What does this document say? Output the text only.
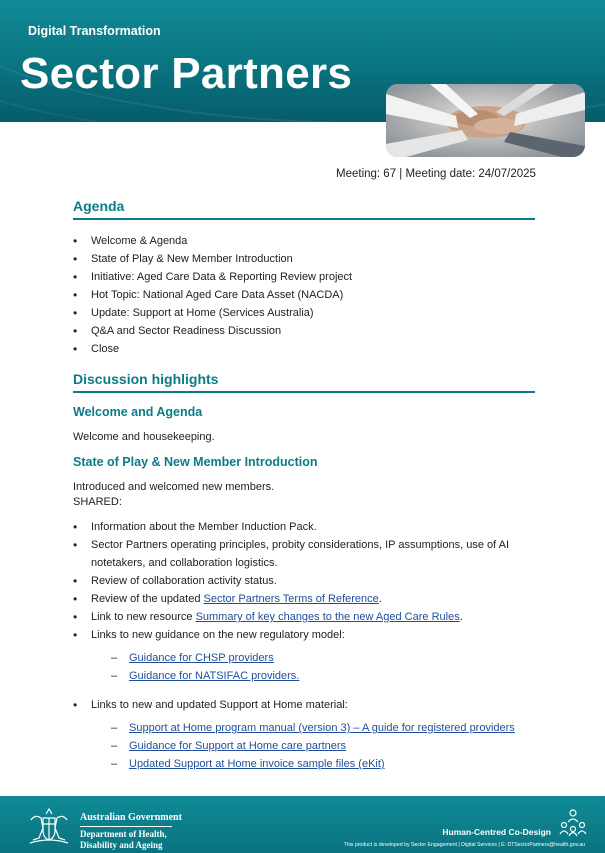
Digital Transformation
Sector Partners
Meeting: 67 | Meeting date: 24/07/2025
Agenda
• Welcome & Agenda
• State of Play & New Member Introduction
• Initiative: Aged Care Data & Reporting Review project
• Hot Topic: National Aged Care Data Asset (NACDA)
• Update: Support at Home (Services Australia)
• Q&A and Sector Readiness Discussion
• Close
Discussion highlights
Welcome and Agenda
Welcome and housekeeping.
State of Play & New Member Introduction
Introduced and welcomed new members.
SHARED:
• Information about the Member Induction Pack.
• Sector Partners operating principles, probity considerations, IP assumptions, use of AI notetakers, and collaboration logistics.
• Review of collaboration activity status.
• Review of the updated Sector Partners Terms of Reference.
• Link to new resource Summary of key changes to the new Aged Care Rules.
• Links to new guidance on the new regulatory model:
– Guidance for CHSP providers
– Guidance for NATSIFAC providers.
• Links to new and updated Support at Home material:
– Support at Home program manual (version 3) – A guide for registered providers
– Guidance for Support at Home care partners
– Updated Support at Home invoice sample files (eKit)
Australian Government
Department of Health,
Disability and Ageing
Human-Centred Co-Design
This product is developed by Sector Engagement | Digital Services | E: DTSectorPartners@health.gov.au
